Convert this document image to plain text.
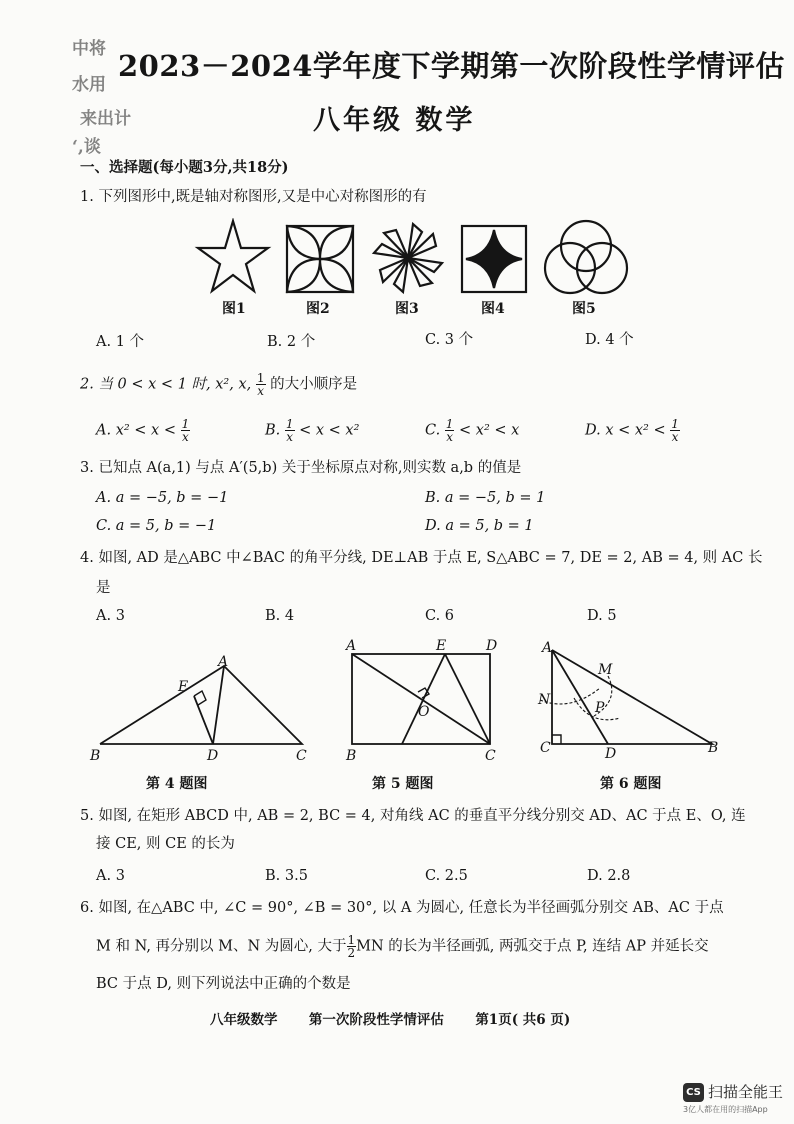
中将
水用
来出计
‘,谈
2023－2024学年度下学期第一次阶段性学情评估
八年级 数学
一、选择题(每小题3分,共18分)
1. 下列图形中,既是轴对称图形,又是中心对称图形的有
图1	图2	图3	图4	图5
A. 1 个	B. 2 个	C. 3 个	D. 4 个
2. 当 0 < x < 1 时, x², x, $\frac{1}{x}$ 的大小顺序是
A. $x^2 < x < \frac{1}{x}$	B. $\frac{1}{x} < x < x^2$	C. $\frac{1}{x} < x^2 < x$	D. $x < x^2 < \frac{1}{x}$
3. 已知点 A(a,1) 与点 A′(5,b) 关于坐标原点对称,则实数 a,b 的值是
A. a = −5, b = −1	B. a = −5, b = 1
C. a = 5, b = −1	D. a = 5, b = 1
4. 如图, AD 是△ABC 中∠BAC 的角平分线, DE⊥AB 于点 E, S△ABC = 7, DE = 2, AB = 4, 则 AC 长
是
A. 3	B. 4	C. 6	D. 5
B
A
E
D	C
A	E	D
B
O
C
A
M
N	P
C	D	B
第 4 题图	第 5 题图	第 6 题图
5. 如图, 在矩形 ABCD 中, AB = 2, BC = 4, 对角线 AC 的垂直平分线分别交 AD、AC 于点 E、O, 连
接 CE, 则 CE 的长为
A. 3	B. 3.5	C. 2.5	D. 2.8
6. 如图, 在△ABC 中, ∠C = 90°, ∠B = 30°, 以 A 为圆心, 任意长为半径画弧分别交 AB、AC 于点
M 和 N, 再分别以 M、N 为圆心, 大于 $\frac{1}{2}$ MN 的长为半径画弧, 两弧交于点 P, 连结 AP 并延长交
BC 于点 D, 则下列说法中正确的个数是
八年级数学 第一次阶段性学情评估 第1页( 共6 页)
CS 扫描全能王
3亿人都在用的扫描App
